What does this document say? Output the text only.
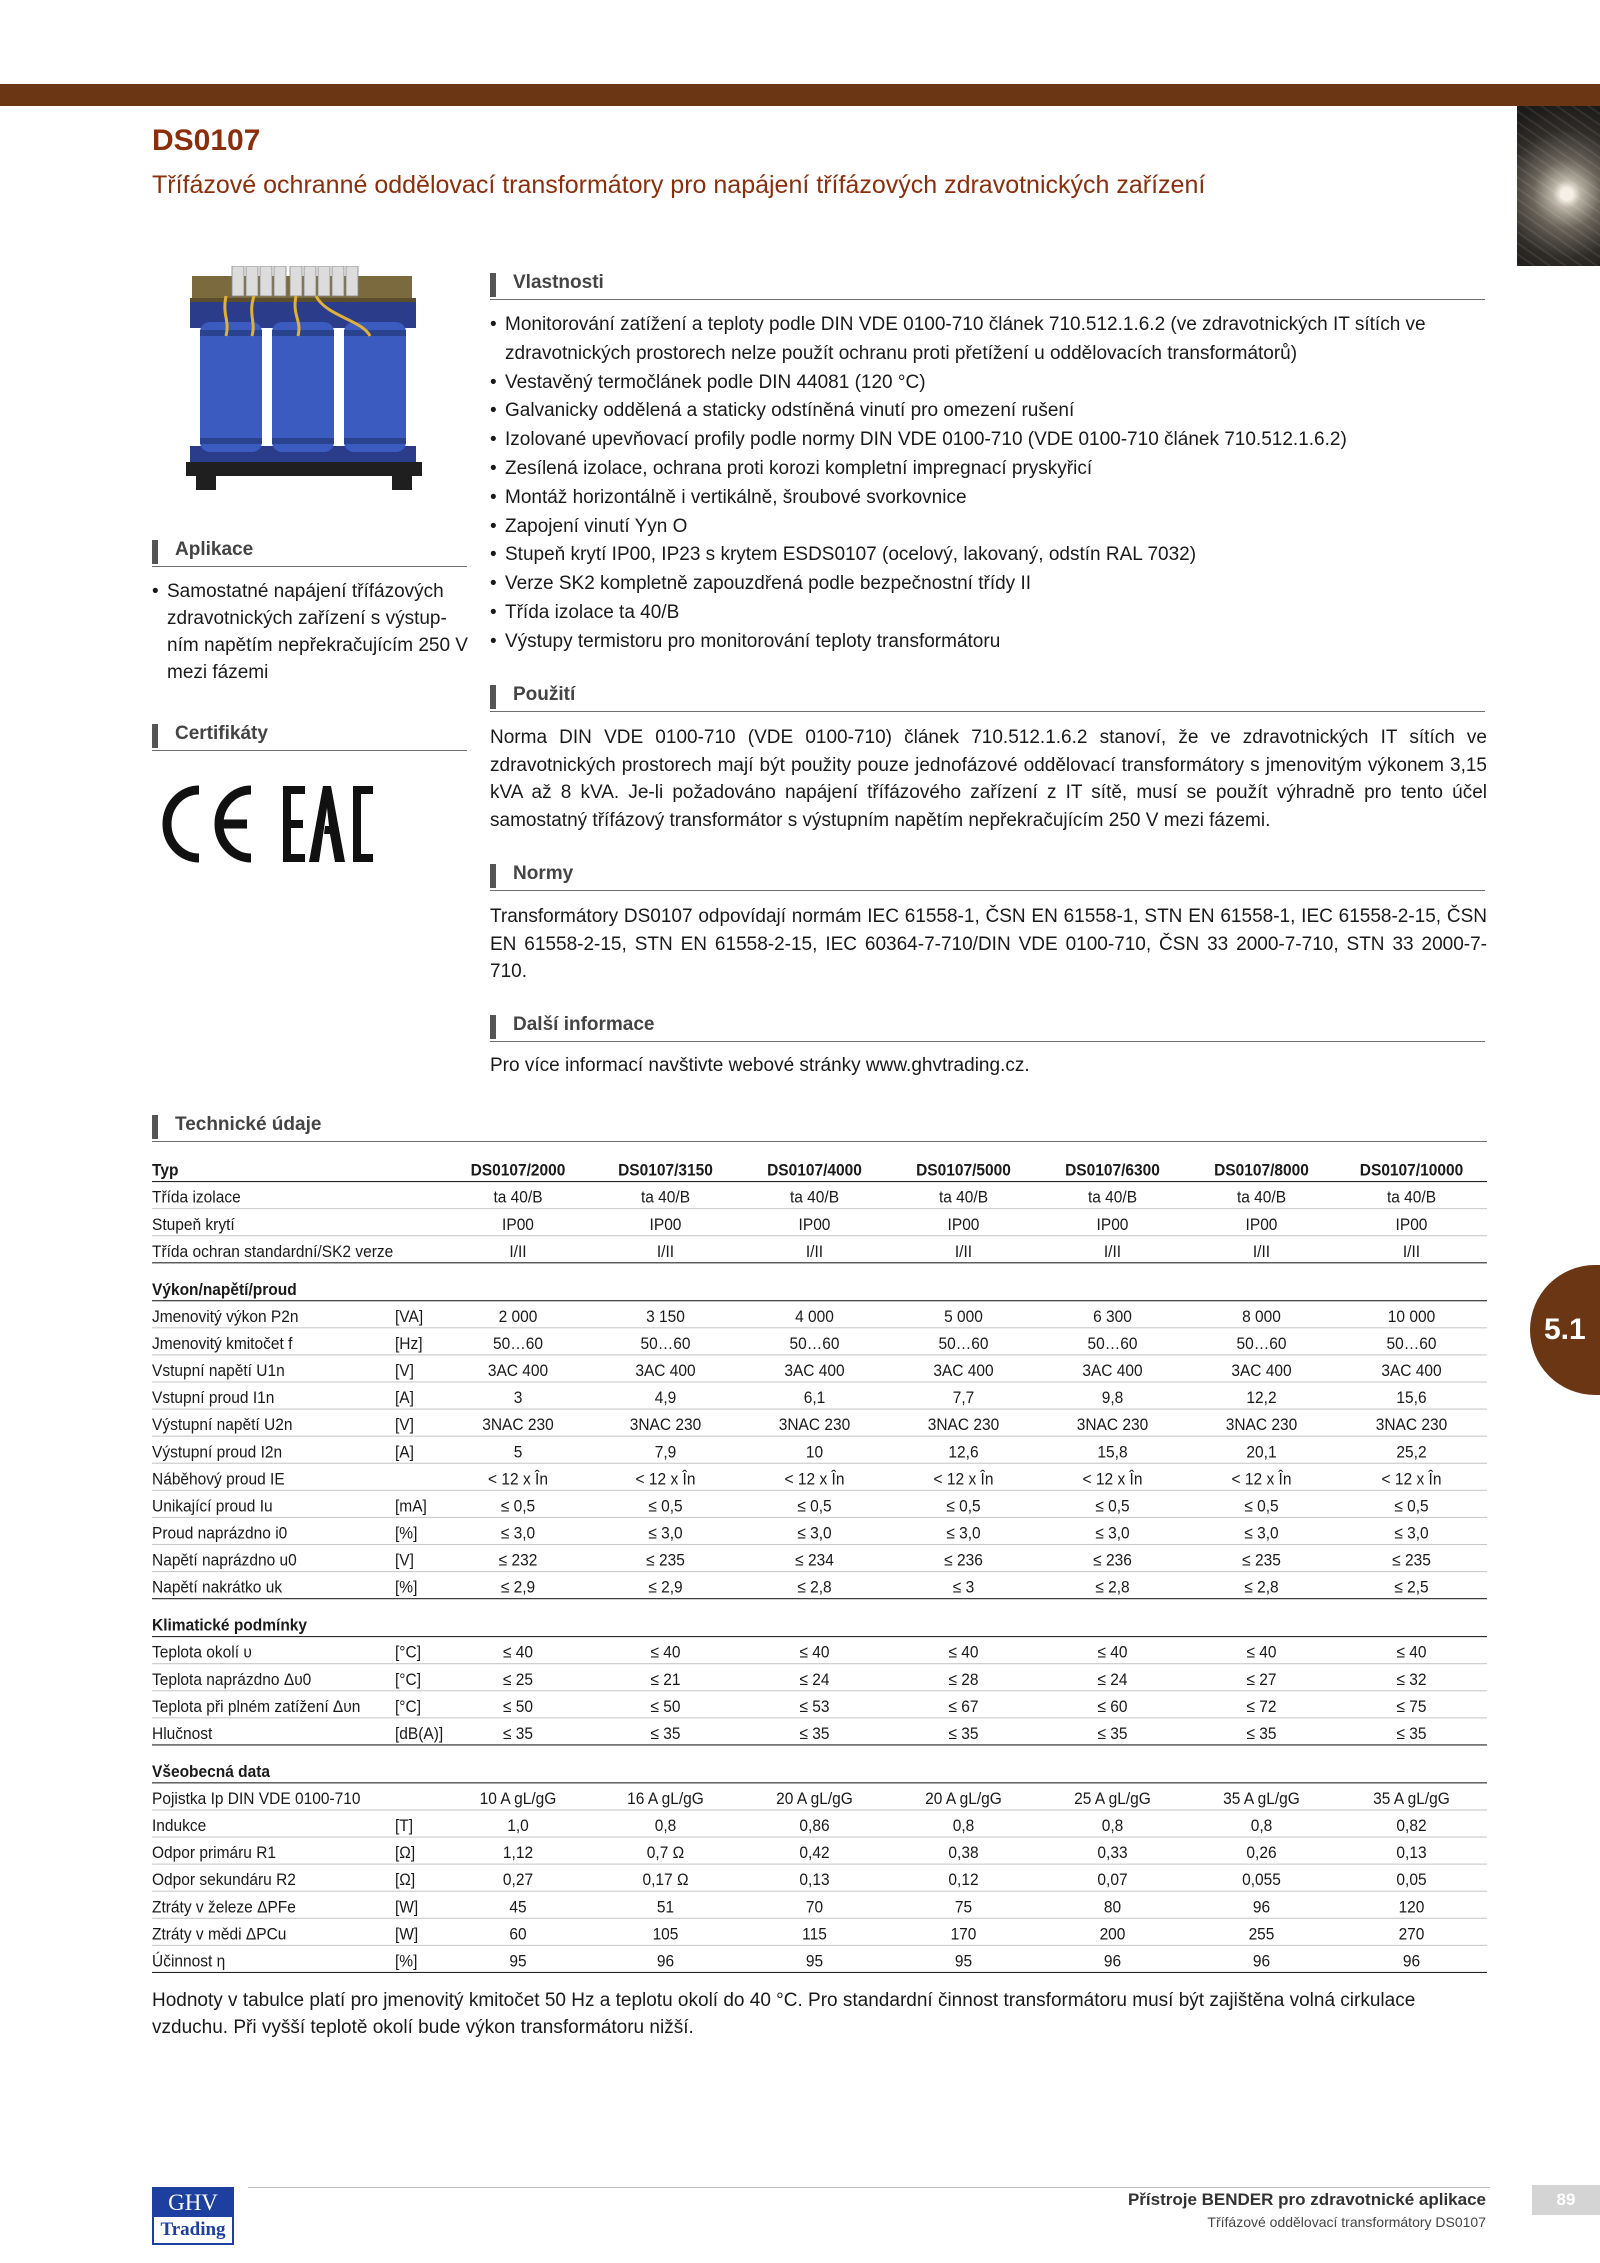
DS0107

Třífázové ochranné oddělovací transformátory pro napájení třífázových zdravotnických zařízení

Vlastnosti
Aplikace
Certifikáty
Použití
Normy
Další informace
Technické údaje
• Monitorování zatížení a teploty podle DIN VDE 0100-710 článek 710.512.1.6.2 (ve zdravotnických IT sítích ve zdravotnických prostorech nelze použít ochranu proti přetížení u oddělovacích transformátorů)
• Vestavěný termočlánek podle DIN 44081 (120 °C)
• Galvanicky oddělená a staticky odstíněná vinutí pro omezení rušení
• Izolované upevňovací profily podle normy DIN VDE 0100-710 (VDE 0100-710 článek 710.512.1.6.2)
• Zesílená izolace, ochrana proti korozi kompletní impregnací pryskyřicí
• Montáž horizontálně i vertikálně, šroubové svorkovnice
• Zapojení vinutí Yyn O
• Stupeň krytí IP00, IP23 s krytem ESDS0107 (ocelový, lakovaný, odstín RAL 7032)
• Verze SK2 kompletně zapouzdřená podle bezpečnostní třídy II
• Třída izolace ta 40/B
• Výstupy termistoru pro monitorování teploty transformátoru
• Samostatné napájení třífázových zdravotnických zařízení s výstup-ním napětím nepřekračujícím 250 V mezi fázemi

Norma DIN VDE 0100-710 (VDE 0100-710) článek 710.512.1.6.2 stanoví, že ve zdravotnických IT sítích ve zdravotnických prostorech mají být použity pouze jednofázové oddělovací transformátory s jmenovitým výkonem 3,15 kVA až 8 kVA. Je-li požadováno napájení třífázového zařízení z IT sítě, musí se použít výhradně pro tento účel samostatný třífázový transformátor s výstupním napětím nepřekračujícím 250 V mezi fázemi.

Transformátory DS0107 odpovídají normám IEC 61558-1, ČSN EN 61558-1, STN EN 61558-1, IEC 61558-2-15, ČSN EN 61558-2-15, STN EN 61558-2-15, IEC 60364-7-710/DIN VDE 0100-710, ČSN 33 2000-7-710, STN 33 2000-7-710.

Pro více informací navštivte webové stránky www.ghvtrading.cz.

Typ		DS0107/2000	DS0107/3150	DS0107/4000	DS0107/5000	DS0107/6300	DS0107/8000	DS0107/10000
Třída izolace		ta 40/B	ta 40/B	ta 40/B	ta 40/B	ta 40/B	ta 40/B	ta 40/B
Stupeň krytí		IP00	IP00	IP00	IP00	IP00	IP00	IP00
Třída ochran standardní/SK2 verze		I/II	I/II	I/II	I/II	I/II	I/II	I/II
Výkon/napětí/proud								
Jmenovitý výkon P2n	[VA]	2 000	3 150	4 000	5 000	6 300	8 000	10 000
Jmenovitý kmitočet f	[Hz]	50…60	50…60	50…60	50…60	50…60	50…60	50…60
Vstupní napětí U1n	[V]	3AC 400	3AC 400	3AC 400	3AC 400	3AC 400	3AC 400	3AC 400
Vstupní proud I1n	[A]	3	4,9	6,1	7,7	9,8	12,2	15,6
Výstupní napětí U2n	[V]	3NAC 230	3NAC 230	3NAC 230	3NAC 230	3NAC 230	3NAC 230	3NAC 230
Výstupní proud I2n	[A]	5	7,9	10	12,6	15,8	20,1	25,2
Náběhový proud IE		< 12 x În	< 12 x În	< 12 x În	< 12 x În	< 12 x În	< 12 x În	< 12 x În
Unikající proud Iu	[mA]	≤ 0,5	≤ 0,5	≤ 0,5	≤ 0,5	≤ 0,5	≤ 0,5	≤ 0,5
Proud naprázdno i0	[%]	≤ 3,0	≤ 3,0	≤ 3,0	≤ 3,0	≤ 3,0	≤ 3,0	≤ 3,0
Napětí naprázdno u0	[V]	≤ 232	≤ 235	≤ 234	≤ 236	≤ 236	≤ 235	≤ 235
Napětí nakrátko uk	[%]	≤ 2,9	≤ 2,9	≤ 2,8	≤ 3	≤ 2,8	≤ 2,8	≤ 2,5
Klimatické podmínky								
Teplota okolí υ	[°C]	≤ 40	≤ 40	≤ 40	≤ 40	≤ 40	≤ 40	≤ 40
Teplota naprázdno Δυ0	[°C]	≤ 25	≤ 21	≤ 24	≤ 28	≤ 24	≤ 27	≤ 32
Teplota při plném zatížení Δυn	[°C]	≤ 50	≤ 50	≤ 53	≤ 67	≤ 60	≤ 72	≤ 75
Hlučnost	[dB(A)]	≤ 35	≤ 35	≤ 35	≤ 35	≤ 35	≤ 35	≤ 35
Všeobecná data								
Pojistka Ip DIN VDE 0100-710		10 A gL/gG	16 A gL/gG	20 A gL/gG	20 A gL/gG	25 A gL/gG	35 A gL/gG	35 A gL/gG
Indukce	[T]	1,0	0,8	0,86	0,8	0,8	0,8	0,82
Odpor primáru R1	[Ω]	1,12	0,7 Ω	0,42	0,38	0,33	0,26	0,13
Odpor sekundáru R2	[Ω]	0,27	0,17 Ω	0,13	0,12	0,07	0,055	0,05
Ztráty v železe ΔPFe	[W]	45	51	70	75	80	96	120
Ztráty v mědi ΔPCu	[W]	60	105	115	170	200	255	270
Účinnost η	[%]	95	96	95	95	96	96	96

Hodnoty v tabulce platí pro jmenovitý kmitočet 50 Hz a teplotu okolí do 40 °C. Pro standardní činnost transformátoru musí být zajištěna volná cirkulace vzduchu. Při vyšší teplotě okolí bude výkon transformátoru nižší.

5.1
GHV
Trading
Přístroje BENDER pro zdravotnické aplikace
Třífázové oddělovací transformátory DS0107
89
